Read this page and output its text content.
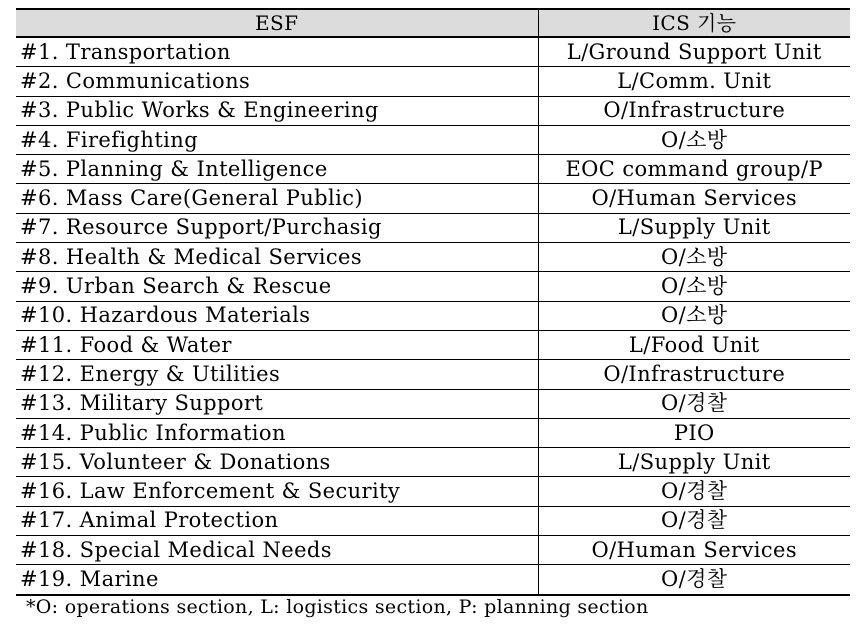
ESF	ICS 기능
#1. Transportation	L/Ground Support Unit
#2. Communications	L/Comm. Unit
#3. Public Works & Engineering	O/Infrastructure
#4. Firefighting	O/소방
#5. Planning & Intelligence	EOC command group/P
#6. Mass Care(General Public)	O/Human Services
#7. Resource Support/Purchasig	L/Supply Unit
#8. Health & Medical Services	O/소방
#9. Urban Search & Rescue	O/소방
#10. Hazardous Materials	O/소방
#11. Food & Water	L/Food Unit
#12. Energy & Utilities	O/Infrastructure
#13. Military Support	O/경찰
#14. Public Information	PIO
#15. Volunteer & Donations	L/Supply Unit
#16. Law Enforcement & Security	O/경찰
#17. Animal Protection	O/경찰
#18. Special Medical Needs	O/Human Services
#19. Marine	O/경찰
*O: operations section, L: logistics section, P: planning section
